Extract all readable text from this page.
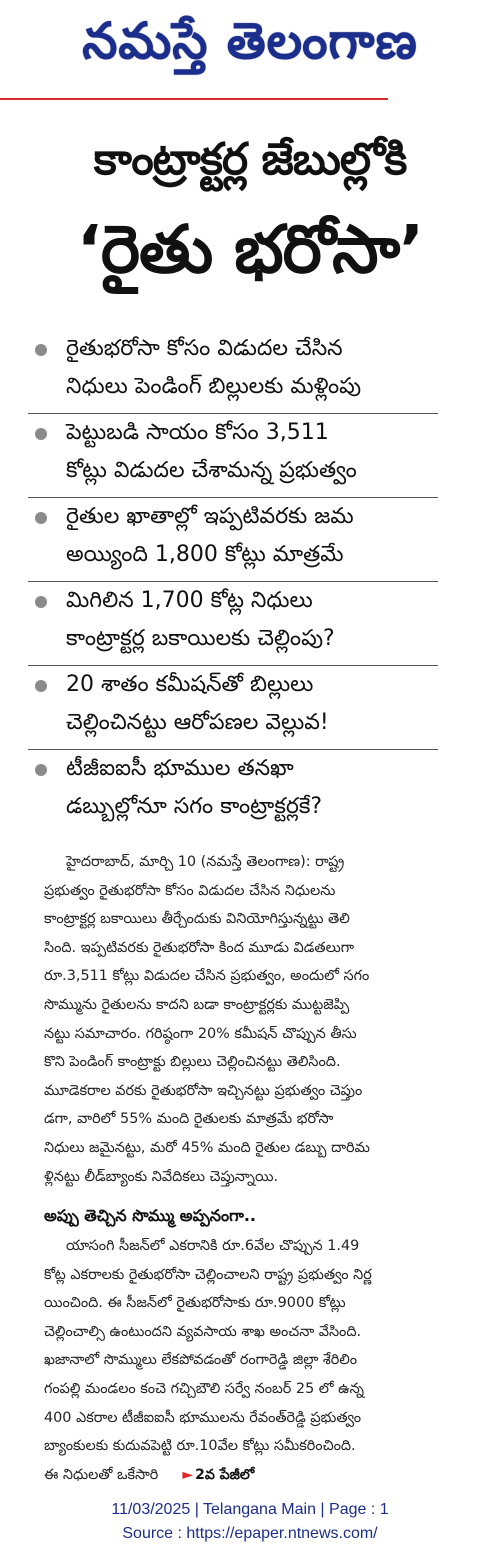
నమస్తే తెలంగాణ
కాంట్రాక్టర్ల జేబుల్లోకి
‘రైతు భరోసా’
రైతుభరోసా కోసం విడుదల చేసిన
నిధులు పెండింగ్ బిల్లులకు మళ్లింపు
పెట్టుబడి సాయం కోసం 3,511
కోట్లు విడుదల చేశామన్న ప్రభుత్వం
రైతుల ఖాతాల్లో ఇప్పటివరకు జమ
అయ్యింది 1,800 కోట్లు మాత్రమే
మిగిలిన 1,700 కోట్ల నిధులు
కాంట్రాక్టర్ల బకాయిలకు చెల్లింపు?
20 శాతం కమీషన్‌తో బిల్లులు
చెల్లించినట్టు ఆరోపణల వెల్లువ!
టీజీఐఐసీ భూముల తనఖా
డబ్బుల్లోనూ సగం కాంట్రాక్టర్లకే?
హైదరాబాద్, మార్చి 10 (నమస్తే తెలంగాణ): రాష్ట్ర
ప్రభుత్వం రైతుభరోసా కోసం విడుదల చేసిన నిధులను
కాంట్రాక్టర్ల బకాయిలు తీర్చేందుకు వినియోగిస్తున్నట్టు తెలి
సింది. ఇప్పటివరకు రైతుభరోసా కింద మూడు విడతలుగా
రూ.3,511 కోట్లు విడుదల చేసిన ప్రభుత్వం, అందులో సగం
సొమ్మును రైతులను కాదని బడా కాంట్రాక్టర్లకు ముట్టజెప్పి
నట్టు సమాచారం. గరిష్ఠంగా 20% కమీషన్ చొప్పున తీసు
కొని పెండింగ్ కాంట్రాక్టు బిల్లులు చెల్లించినట్టు తెలిసింది.
మూడెకరాల వరకు రైతుభరోసా ఇచ్చినట్టు ప్రభుత్వం చెప్తుం
డగా, వారిలో 55% మంది రైతులకు మాత్రమే భరోసా
నిధులు జమైనట్టు, మరో 45% మంది రైతుల డబ్బు దారిమ
ళ్లినట్టు లీడ్‌బ్యాంకు నివేదికలు చెప్తున్నాయి.
అప్పు తెచ్చిన సొమ్ము అప్పనంగా..
యాసంగి సీజన్‌లో ఎకరానికి రూ.6వేల చొప్పున 1.49
కోట్ల ఎకరాలకు రైతుభరోసా చెల్లించాలని రాష్ట్ర ప్రభుత్వం నిర్ణ
యించింది. ఈ సీజన్‌లో రైతుభరోసాకు రూ.9000 కోట్లు
చెల్లించాల్సి ఉంటుందని వ్యవసాయ శాఖ అంచనా వేసింది.
ఖజానాలో సొమ్ములు లేకపోవడంతో రంగారెడ్డి జిల్లా శేరిలిం
గంపల్లి మండలం కంచె గచ్చిబౌలి సర్వే నంబర్ 25 లో ఉన్న
400 ఎకరాల టీజీఐఐసీ భూములను రేవంత్‌రెడ్డి ప్రభుత్వం
బ్యాంకులకు కుదువపెట్టి రూ.10వేల కోట్లు సమీకరించింది.
ఈ నిధులతో ఒకేసారి ► 2వ పేజీలో
11/03/2025 | Telangana Main | Page : 1
Source : https://epaper.ntnews.com/
